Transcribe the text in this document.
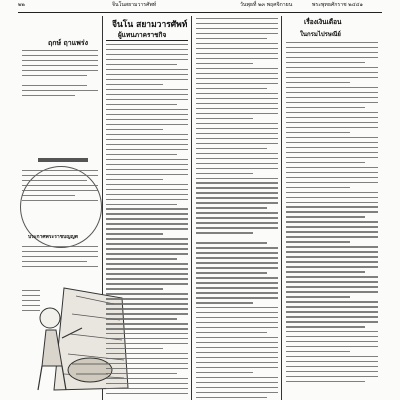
๒๒	จีนโนสยามวารศัพท์	วันพุธที่ ๒๓ พฤศจิกายน	พระพุทธศักราช ๒๔๔๑
ฤกษ์ ฤาแพร่ง
ประกาศพระราชบัญญัติ
จีนโน สยามวารศัพท์
ผู้แทนภาคราชกิจ
เรื่องเงินเดือน
ในกรมไปรษณีย์
